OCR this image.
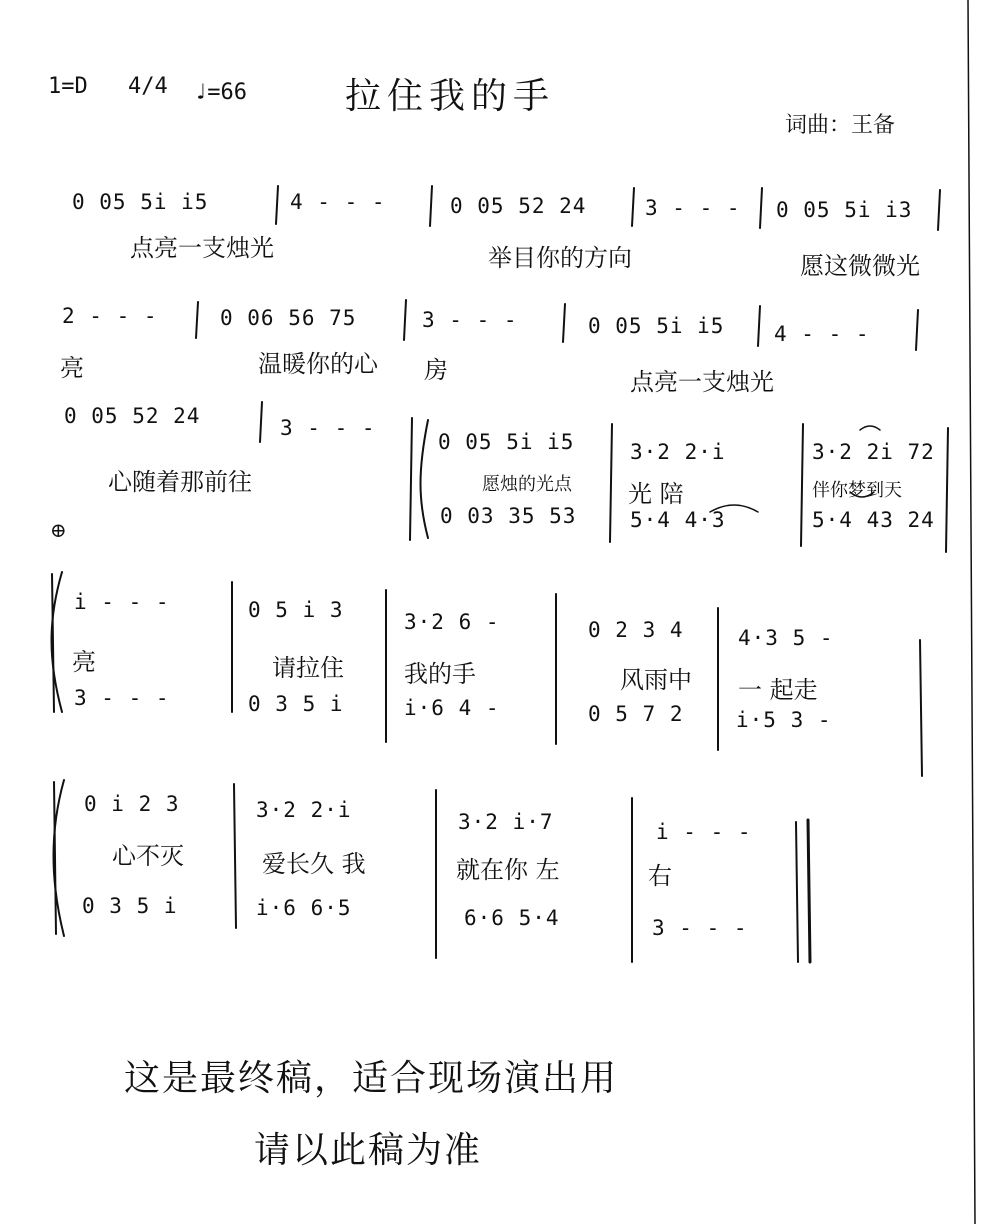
1=D 4/4 ♩=66	拉住我的手
词曲：王备
0 05 5i i5	4 - - -	0 05 52 24	3 - - - 0 05 5i i3
点亮一支烛光	举目你的方向	愿这微微光
2 - - -	0 06 56 75	3 - - -	0 05 5i i5 4 - - -
亮	温暖你的心 房	点亮一支烛光
0 05 52 24	3 - - -
心随着那前往
0 05 5i i5	3·2 2·i	3·2 2i 72
愿烛的光点 光 陪	伴你梦到天
0 03 35 53	5·4 4·3	5·4 43 24
⊕
i - - -	0 5 i 3	3·2 6 -	0 2 3 4	4·3 5 -
亮	请拉住	我的手	风雨中 一 起走
3 - - -	0 3 5 i	i·6 4 -	0 5 7 2 i·5 3 -
0 i 2 3	3·2 2·i	3·2 i·7	i - - -
心不灭	爱长久 我	就在你 左	右
0 3 5 i	i·6 6·5	6·6 5·4	3 - - -
这是最终稿，适合现场演出用
请以此稿为准
